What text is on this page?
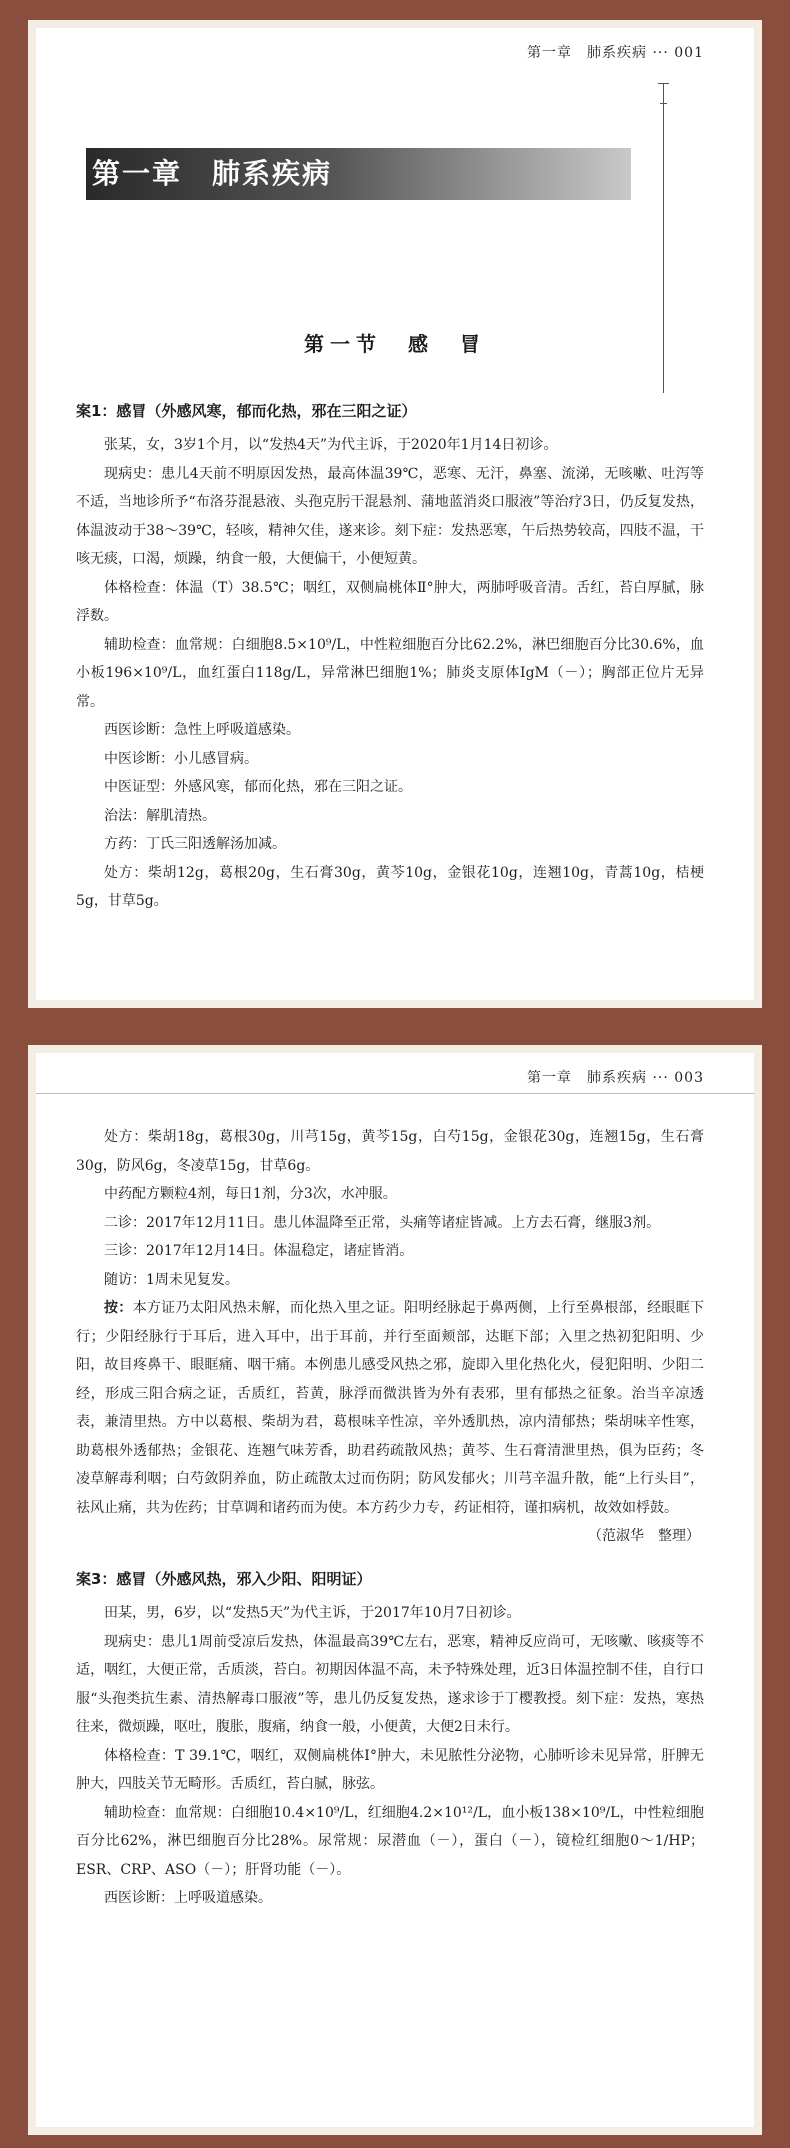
第一章　肺系疾病 ··· 001
第一章　肺系疾病
第一节　感　冒
案1：感冒（外感风寒，郁而化热，邪在三阳之证）

张某，女，3岁1个月，以“发热4天”为代主诉，于2020年1月14日初诊。

现病史：患儿4天前不明原因发热，最高体温39℃，恶寒、无汗，鼻塞、流涕，无咳嗽、吐泻等不适，当地诊所予“布洛芬混悬液、头孢克肟干混悬剂、蒲地蓝消炎口服液”等治疗3日，仍反复发热，体温波动于38～39℃，轻咳，精神欠佳，遂来诊。刻下症：发热恶寒，午后热势较高，四肢不温，干咳无痰，口渴，烦躁，纳食一般，大便偏干，小便短黄。

体格检查：体温（T）38.5℃；咽红，双侧扁桃体Ⅱ°肿大，两肺呼吸音清。舌红，苔白厚腻，脉浮数。

辅助检查：血常规：白细胞8.5×10⁹/L，中性粒细胞百分比62.2%，淋巴细胞百分比30.6%，血小板196×10⁹/L，血红蛋白118g/L，异常淋巴细胞1%；肺炎支原体IgM（－）；胸部正位片无异常。

西医诊断：急性上呼吸道感染。

中医诊断：小儿感冒病。

中医证型：外感风寒，郁而化热，邪在三阳之证。

治法：解肌清热。

方药：丁氏三阳透解汤加减。

处方：柴胡12g，葛根20g，生石膏30g，黄芩10g，金银花10g，连翘10g，青蒿10g，桔梗5g，甘草5g。

第一章　肺系疾病 ··· 003

处方：柴胡18g，葛根30g，川芎15g，黄芩15g，白芍15g，金银花30g，连翘15g，生石膏30g，防风6g，冬凌草15g，甘草6g。

中药配方颗粒4剂，每日1剂，分3次，水冲服。

二诊：2017年12月11日。患儿体温降至正常，头痛等诸症皆减。上方去石膏，继服3剂。

三诊：2017年12月14日。体温稳定，诸症皆消。

随访：1周未见复发。

按：本方证乃太阳风热未解，而化热入里之证。阳明经脉起于鼻两侧，上行至鼻根部，经眼眶下行；少阳经脉行于耳后，进入耳中，出于耳前，并行至面颊部，达眶下部；入里之热初犯阳明、少阳，故目疼鼻干、眼眶痛、咽干痛。本例患儿感受风热之邪，旋即入里化热化火，侵犯阳明、少阳二经，形成三阳合病之证，舌质红，苔黄，脉浮而微洪皆为外有表邪，里有郁热之征象。治当辛凉透表，兼清里热。方中以葛根、柴胡为君，葛根味辛性凉，辛外透肌热，凉内清郁热；柴胡味辛性寒，助葛根外透郁热；金银花、连翘气味芳香，助君药疏散风热；黄芩、生石膏清泄里热，俱为臣药；冬凌草解毒利咽；白芍敛阴养血，防止疏散太过而伤阴；防风发郁火；川芎辛温升散，能“上行头目”，祛风止痛，共为佐药；甘草调和诸药而为使。本方药少力专，药证相符，谨扣病机，故效如桴鼓。

（范淑华　整理）

案3：感冒（外感风热，邪入少阳、阳明证）

田某，男，6岁，以“发热5天”为代主诉，于2017年10月7日初诊。

现病史：患儿1周前受凉后发热，体温最高39℃左右，恶寒，精神反应尚可，无咳嗽、咳痰等不适，咽红，大便正常，舌质淡，苔白。初期因体温不高，未予特殊处理，近3日体温控制不佳，自行口服“头孢类抗生素、清热解毒口服液”等，患儿仍反复发热，遂求诊于丁樱教授。刻下症：发热，寒热往来，微烦躁，呕吐，腹胀，腹痛，纳食一般，小便黄，大便2日未行。

体格检查：T 39.1℃，咽红，双侧扁桃体Ⅰ°肿大，未见脓性分泌物，心肺听诊未见异常，肝脾无肿大，四肢关节无畸形。舌质红，苔白腻，脉弦。

辅助检查：血常规：白细胞10.4×10⁹/L，红细胞4.2×10¹²/L，血小板138×10⁹/L，中性粒细胞百分比62%，淋巴细胞百分比28%。尿常规：尿潜血（－），蛋白（－），镜检红细胞0～1/HP；ESR、CRP、ASO（－）；肝肾功能（－）。

西医诊断：上呼吸道感染。
